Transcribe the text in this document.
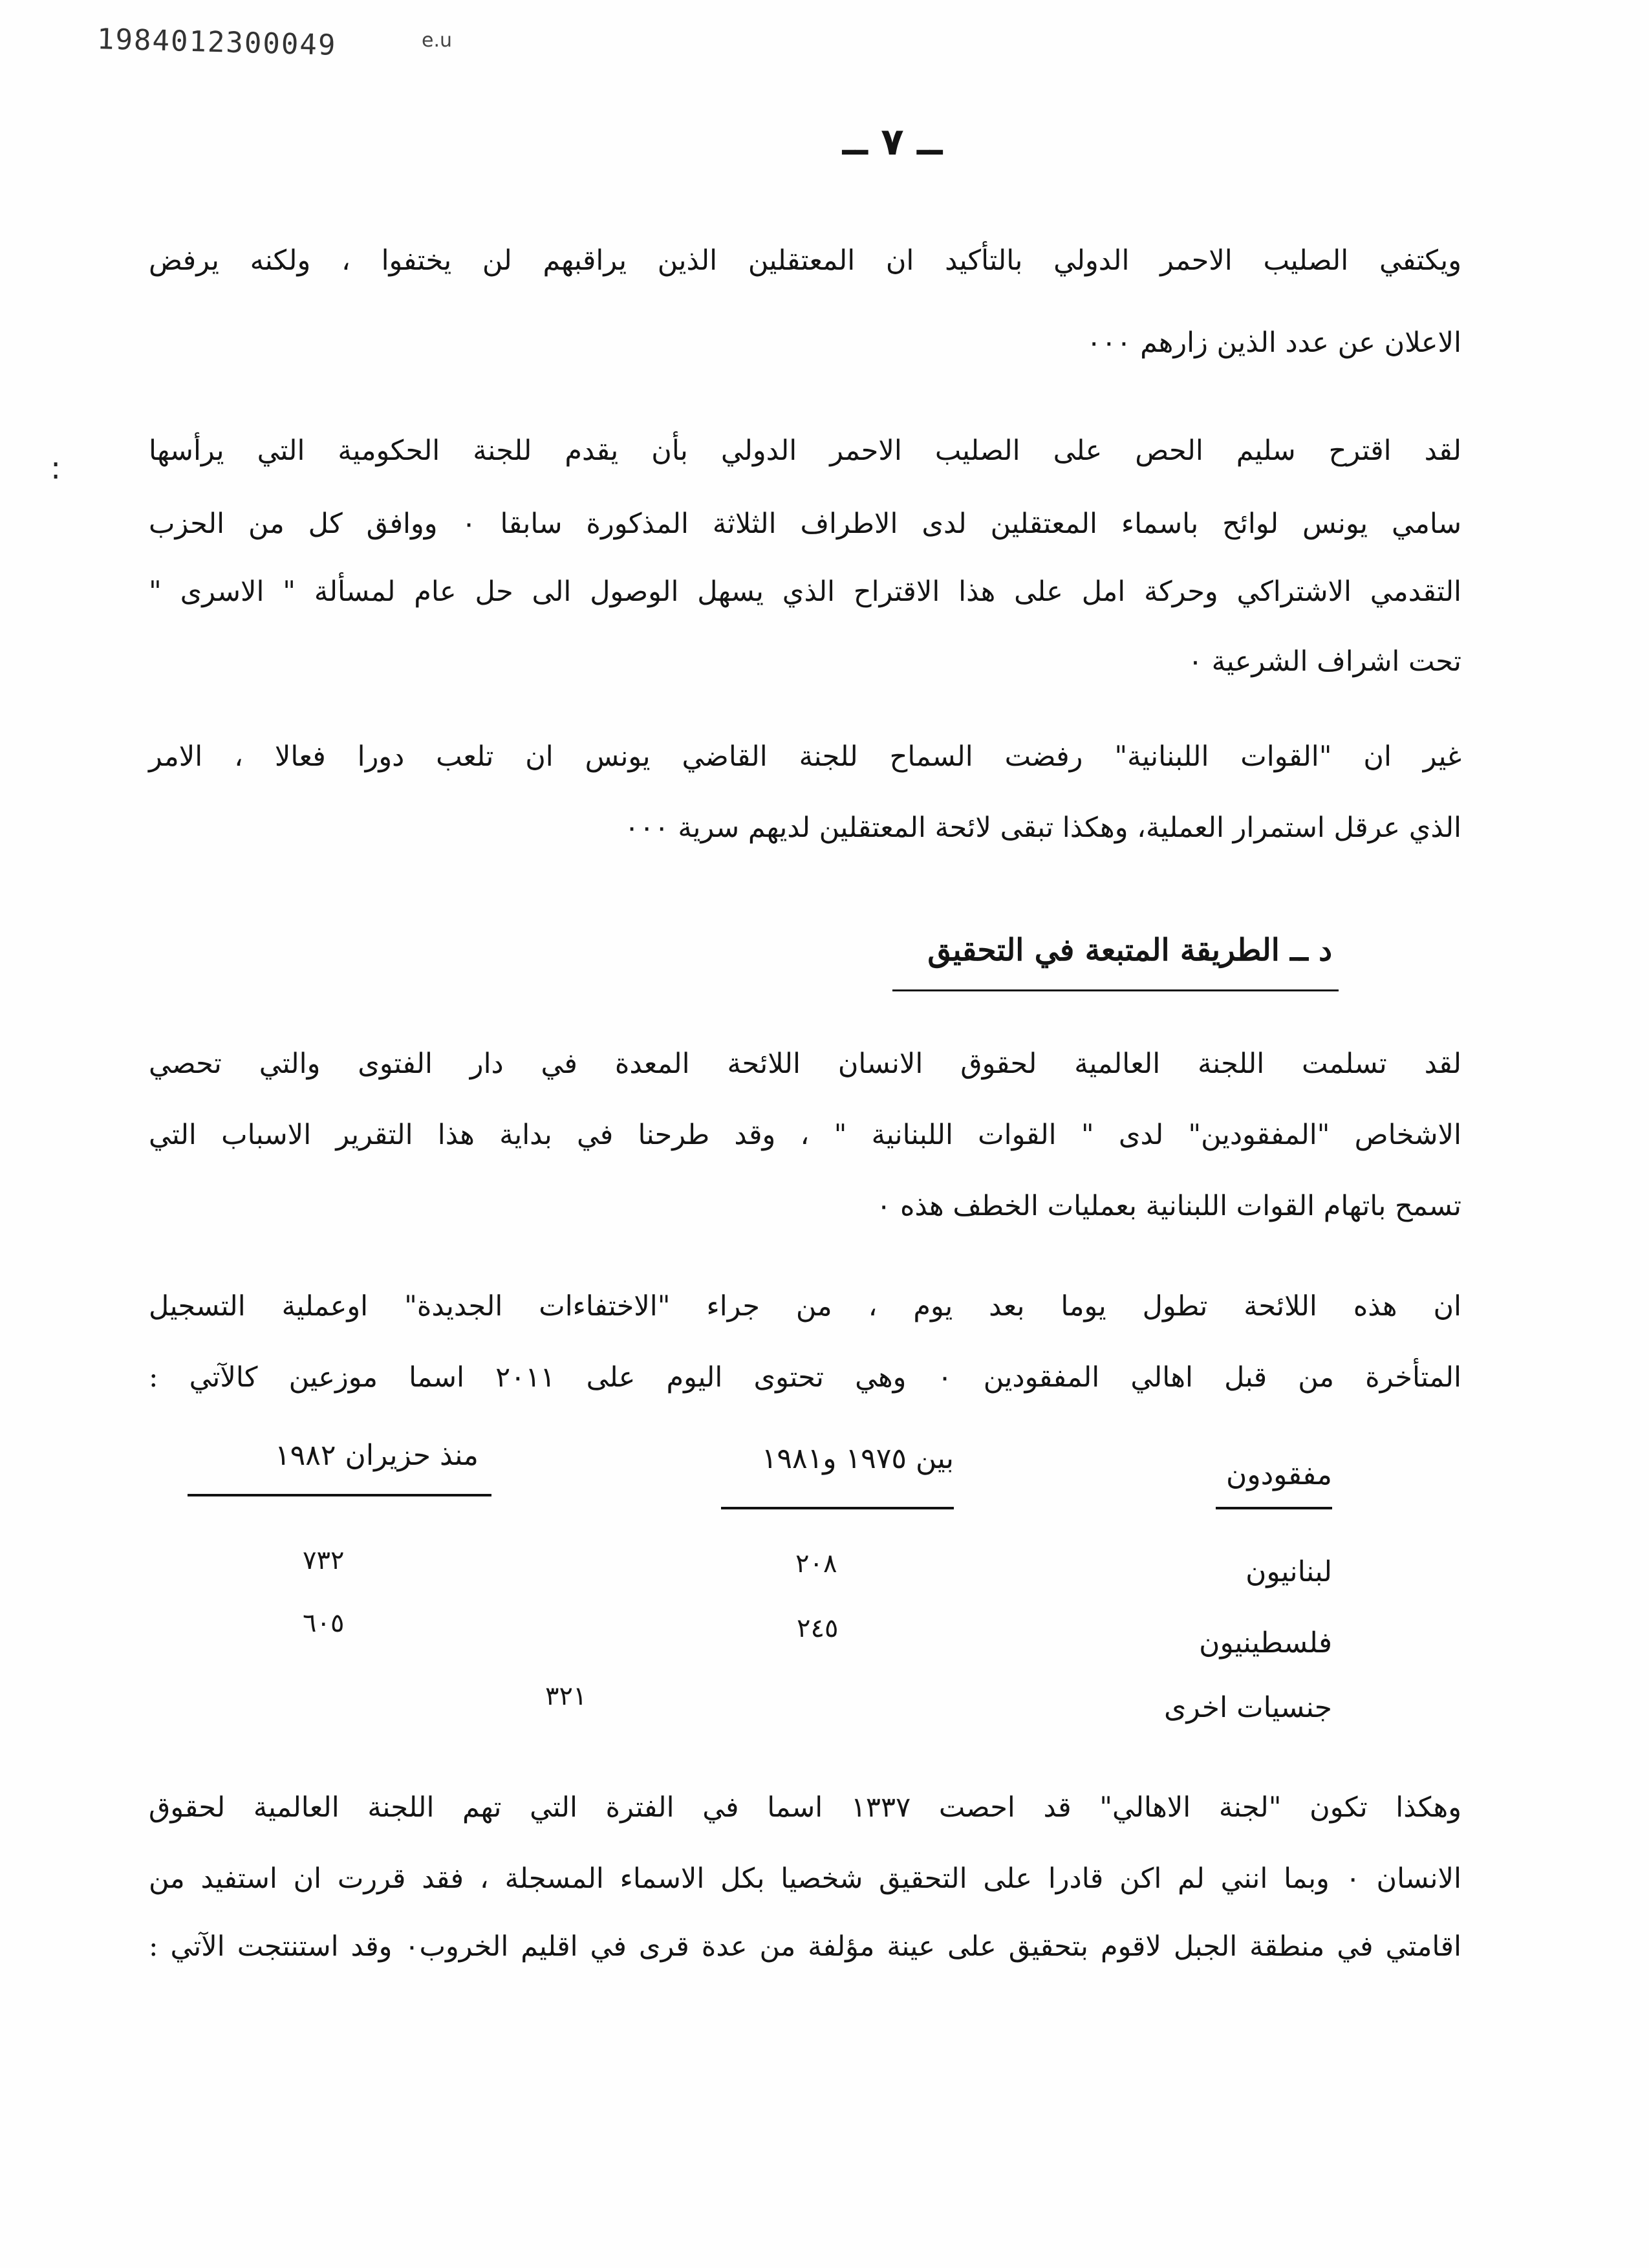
1984012300049	e.u
:
ــ ٧ ــ
ويكتفي الصليب الاحمر الدولي بالتأكيد ان المعتقلين الذين يراقبهم لن يختفوا ، ولكنه يرفض
الاعلان عن عدد الذين زارهم ٠٠٠
لقد اقترح سليم الحص على الصليب الاحمر الدولي بأن يقدم للجنة الحكومية التي يرأسها
سامي يونس لوائح باسماء المعتقلين لدى الاطراف الثلاثة المذكورة سابقا ٠ ووافق كل من الحزب
التقدمي الاشتراكي وحركة امل على هذا الاقتراح الذي يسهل الوصول الى حل عام لمسألة " الاسرى "
تحت اشراف الشرعية ٠
غير ان "القوات اللبنانية" رفضت السماح للجنة القاضي يونس ان تلعب دورا فعالا ، الامر
الذي عرقل استمرار العملية، وهكذا تبقى لائحة المعتقلين لديهم سرية ٠٠٠
د ــ الطريقة المتبعة في التحقيق
لقد تسلمت اللجنة العالمية لحقوق الانسان اللائحة المعدة في دار الفتوى والتي تحصي
الاشخاص "المفقودين" لدى " القوات اللبنانية " ، وقد طرحنا في بداية هذا التقرير الاسباب التي
تسمح باتهام القوات اللبنانية بعمليات الخطف هذه ٠
ان هذه اللائحة تطول يوما بعد يوم ، من جراء "الاختفاءات الجديدة" اوعملية التسجيل
المتأخرة من قبل اهالي المفقودين ٠ وهي تحتوى اليوم على ٢٠١١ اسما موزعين كالآتي :
مفقودون
بين ١٩٧٥ و١٩٨١
منذ حزيران ١٩٨٢
لبنانيون
٢٠٨
٧٣٢
فلسطينيون
٢٤٥
٦٠٥
جنسيات اخرى
٣٢١
وهكذا تكون "لجنة الاهالي" قد احصت ١٣٣٧ اسما في الفترة التي تهم اللجنة العالمية لحقوق
الانسان ٠ وبما انني لم اكن قادرا على التحقيق شخصيا بكل الاسماء المسجلة ، فقد قررت ان استفيد من
اقامتي في منطقة الجبل لاقوم بتحقيق على عينة مؤلفة من عدة قرى في اقليم الخروب٠ وقد استنتجت الآتي :
